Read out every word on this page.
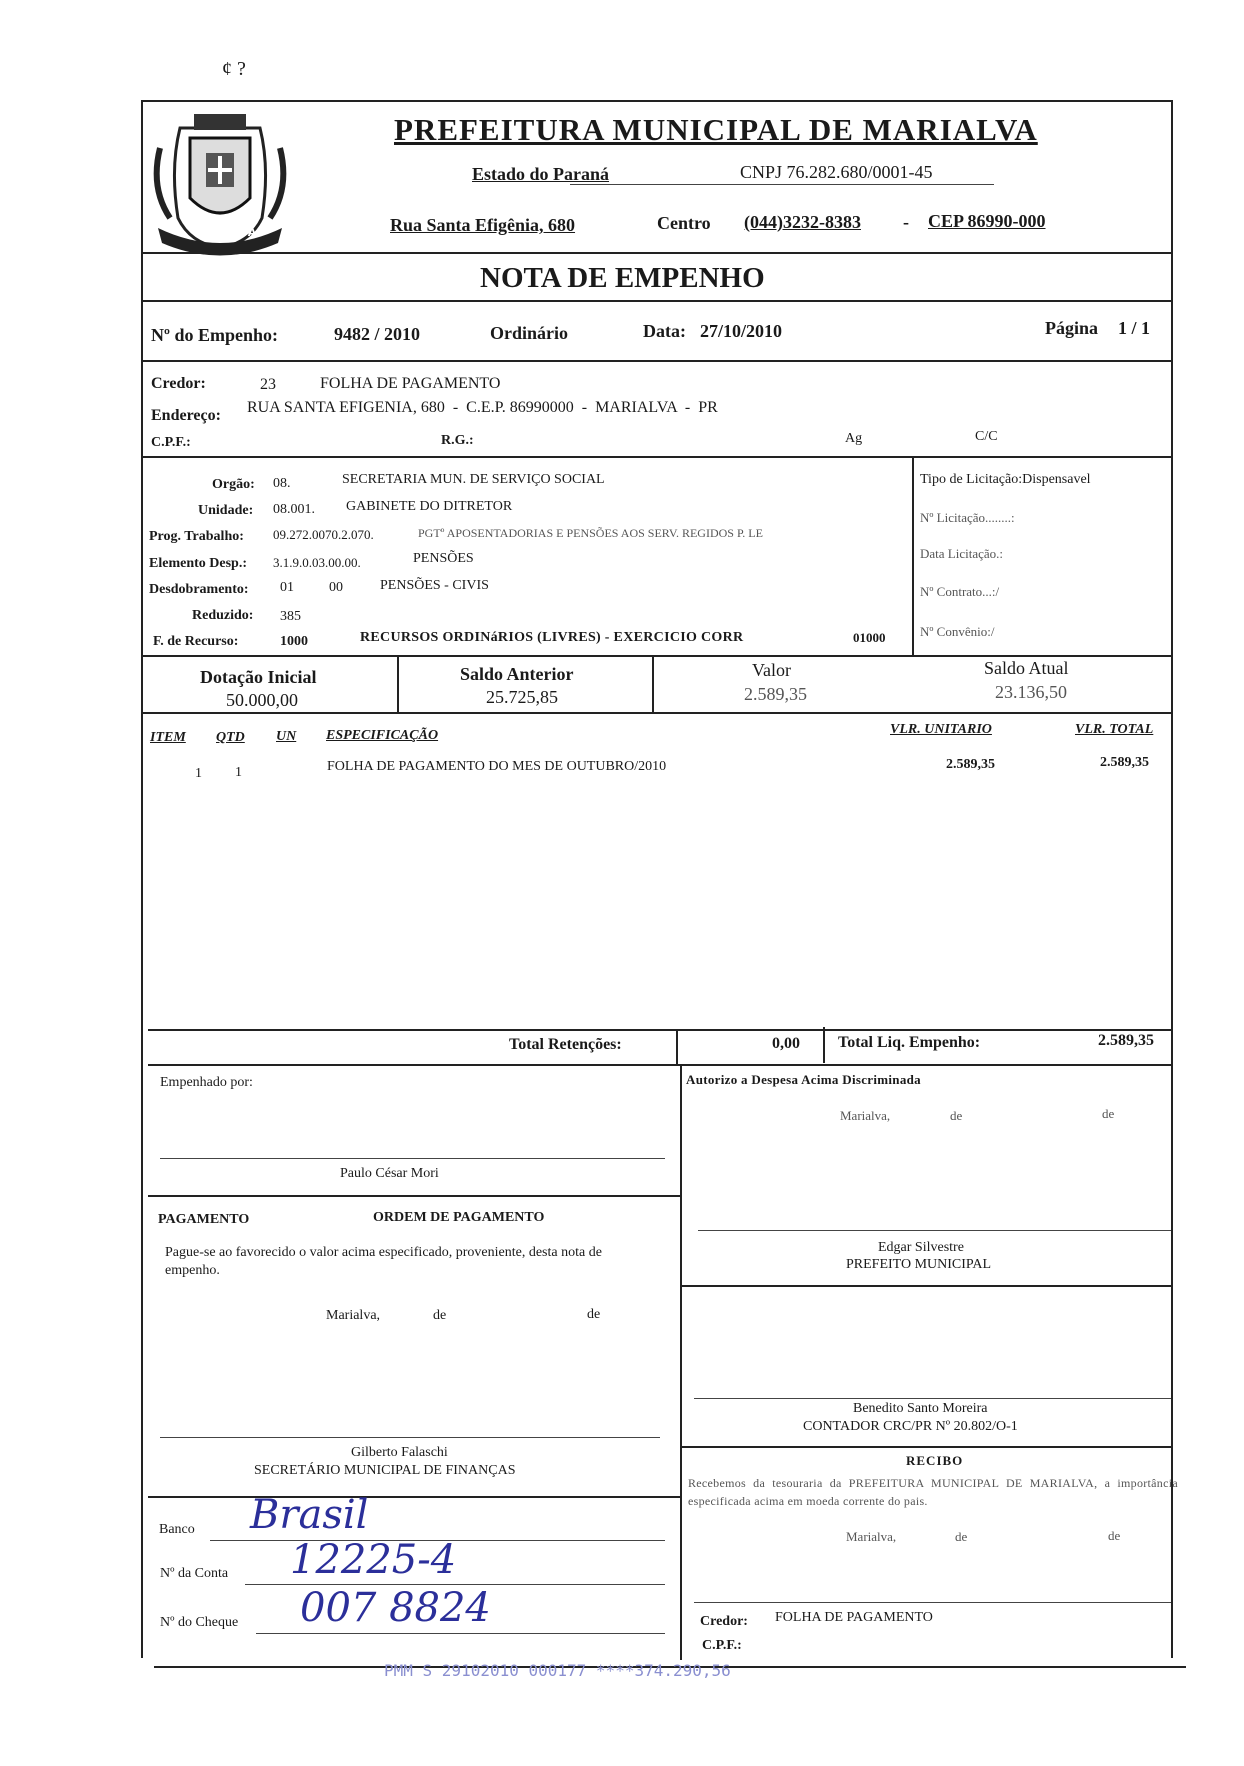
¢ ?
MARIALVA
PREFEITURA MUNICIPAL DE MARIALVA
Estado do Paraná	CNPJ 76.282.680/0001-45
Rua Santa Efigênia, 680	Centro (044)3232-8383 - CEP 86990-000
NOTA DE EMPENHO
Nº do Empenho:	9482 / 2010	Ordinário	Data: 27/10/2010	Página 1 / 1
Credor:	23	FOLHA DE PAGAMENTO
Endereço: RUA SANTA EFIGENIA, 680  -  C.E.P. 86990000  -  MARIALVA  -  PR
C.P.F.:	R.G.:	Ag	C/C
Orgão: 08.	SECRETARIA MUN. DE SERVIÇO SOCIAL
Unidade: 08.001. GABINETE DO DITRETOR
Prog. Trabalho: 09.272.0070.2.070.	PGTº APOSENTADORIAS E PENSÕES AOS SERV. REGIDOS P. LE
Elemento Desp.: 3.1.9.0.03.00.00.	PENSÕES
Desdobramento: 01	00	PENSÕES - CIVIS
Reduzido: 385
F. de Recurso:	1000	RECURSOS ORDINáRIOS (LIVRES) - EXERCICIO CORR	01000
Tipo de Licitação:Dispensavel
Nº Licitação........:
Data Licitação.:
Nº Contrato...:/
Nº Convênio:/
Dotação Inicial
50.000,00
Saldo Anterior
25.725,85
Valor
2.589,35
Saldo Atual
23.136,50
ITEM QTD UN ESPECIFICAÇÃO	VLR. UNITARIO	VLR. TOTAL
1 1	FOLHA DE PAGAMENTO DO MES DE OUTUBRO/2010	2.589,35	2.589,35
Total Retenções:	0,00 Total Liq. Empenho:	2.589,35
Empenhado por:
Paulo César Mori
Autorizo a Despesa Acima Discriminada
Marialva,	de	de
Edgar Silvestre
PREFEITO MUNICIPAL
PAGAMENTO	ORDEM DE PAGAMENTO
Pague-se ao favorecido o valor acima especificado, proveniente, desta nota de empenho.
Marialva,	de	de
Gilberto Falaschi
SECRETÁRIO MUNICIPAL DE FINANÇAS
Benedito Santo Moreira
CONTADOR CRC/PR Nº 20.802/O-1
RECIBO
Recebemos da tesouraria da PREFEITURA MUNICIPAL DE MARIALVA, a importância especificada acima em moeda corrente do pais.
Marialva,	de	de
Credor: FOLHA DE PAGAMENTO
C.P.F.:
Banco Brasil
Nº da Conta 12225-4
Nº do Cheque 007 8824
PMM S 29102010 000177 ****374.290,56
